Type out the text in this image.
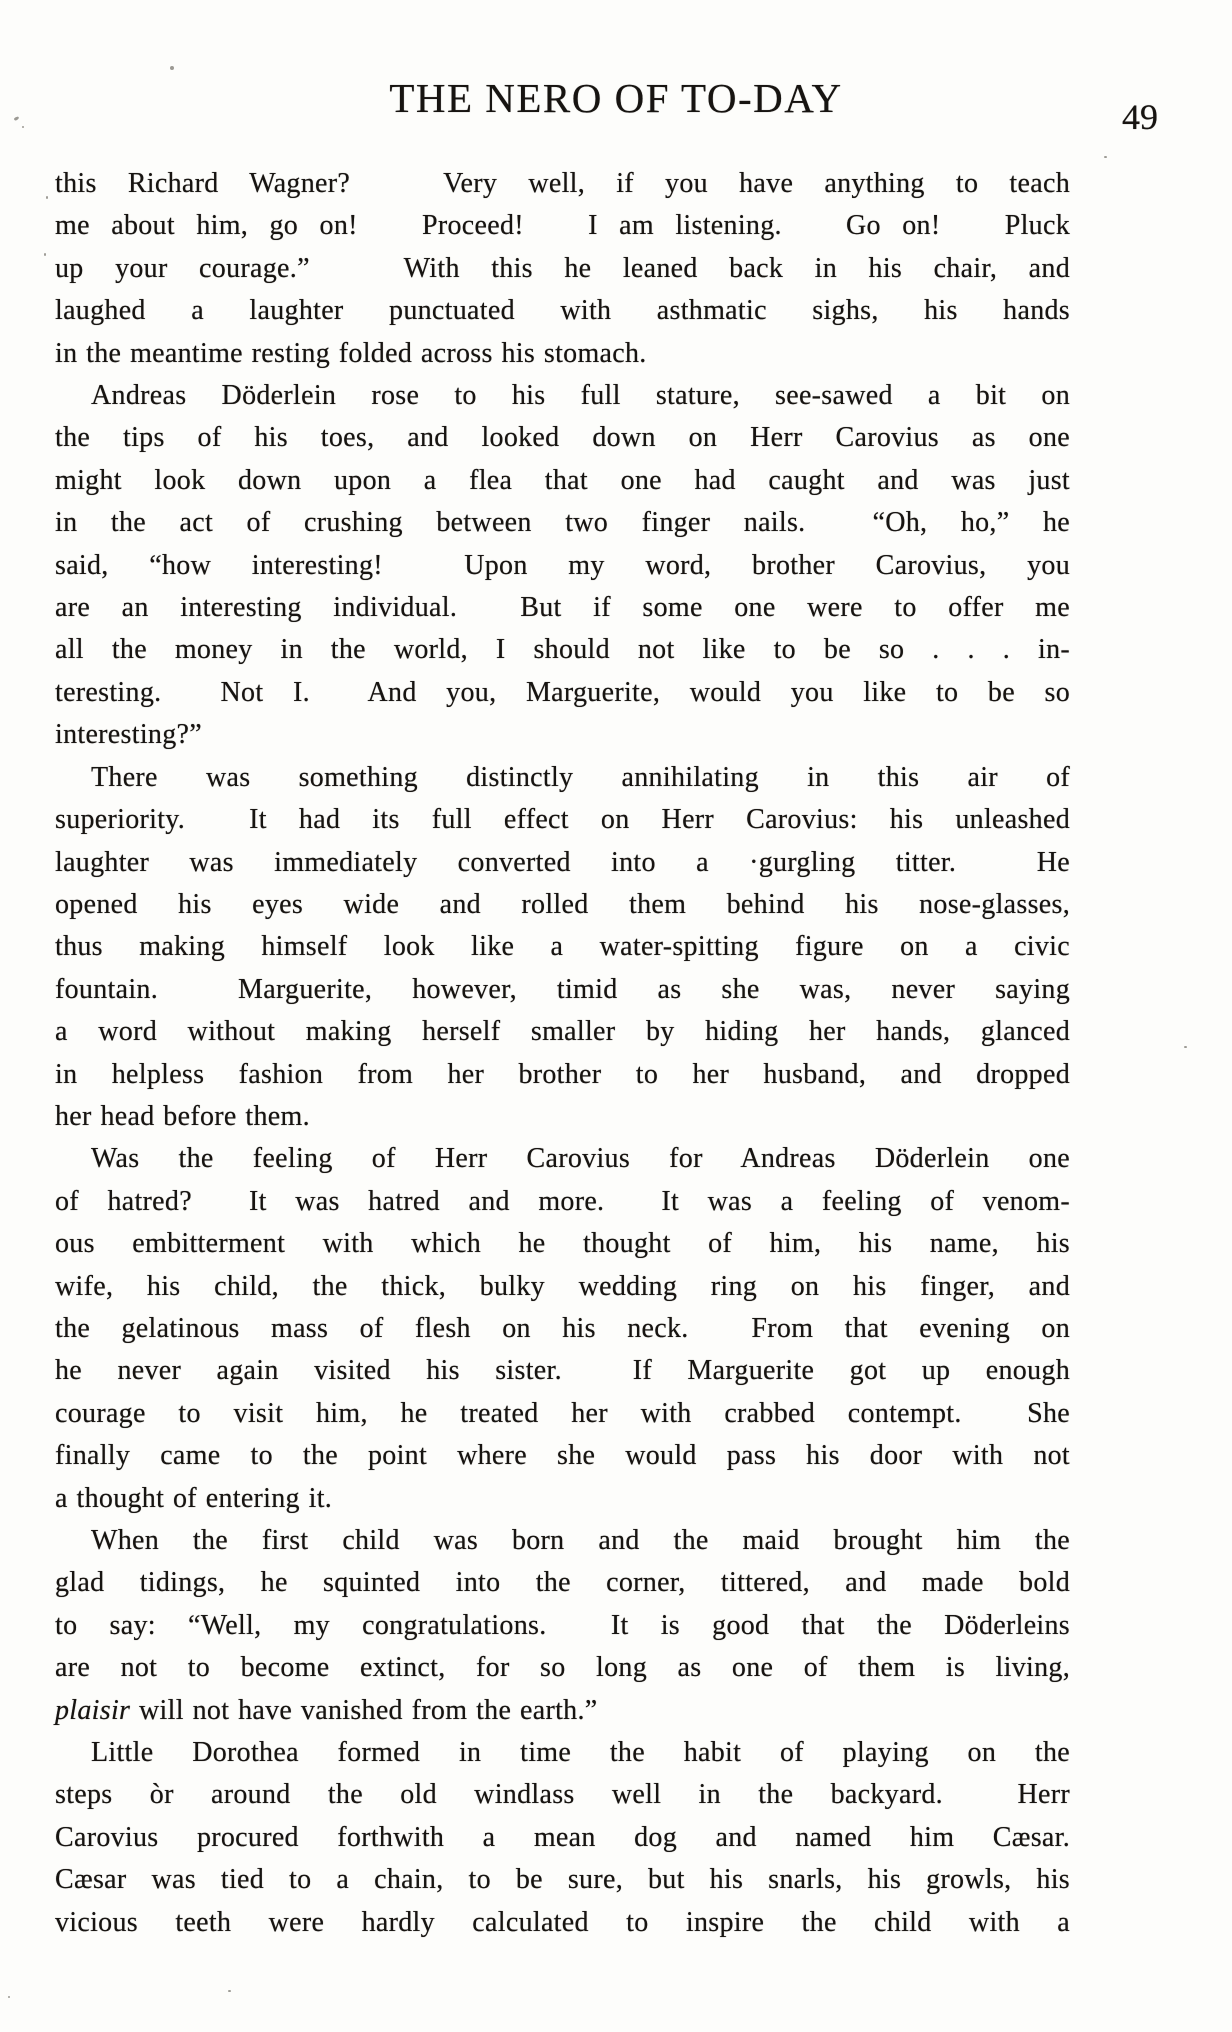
THE NERO OF TO-DAY	49
this Richard Wagner?   Very well, if you have anything to teach
me about him, go on!   Proceed!   I am listening.   Go on!   Pluck
up your courage.”   With this he leaned back in his chair, and
laughed a laughter punctuated with asthmatic sighs, his hands
in the meantime resting folded across his stomach.
Andreas Döderlein rose to his full stature, see-sawed a bit on
the tips of his toes, and looked down on Herr Carovius as one
might look down upon a flea that one had caught and was just
in the act of crushing between two finger nails.  “Oh, ho,” he
said, “how interesting!  Upon my word, brother Carovius, you
are an interesting individual.  But if some one were to offer me
all the money in the world, I should not like to be so . . . in-
teresting.  Not I.  And you, Marguerite, would you like to be so
interesting?”
There was something distinctly annihilating in this air of
superiority.  It had its full effect on Herr Carovius: his unleashed
laughter was immediately converted into a ·gurgling titter.  He
opened his eyes wide and rolled them behind his nose-glasses,
thus making himself look like a water-spitting figure on a civic
fountain.  Marguerite, however, timid as she was, never saying
a word without making herself smaller by hiding her hands, glanced
in helpless fashion from her brother to her husband, and dropped
her head before them.
Was the feeling of Herr Carovius for Andreas Döderlein one
of hatred?  It was hatred and more.  It was a feeling of venom-
ous embitterment with which he thought of him, his name, his
wife, his child, the thick, bulky wedding ring on his finger, and
the gelatinous mass of flesh on his neck.  From that evening on
he never again visited his sister.  If Marguerite got up enough
courage to visit him, he treated her with crabbed contempt.  She
finally came to the point where she would pass his door with not
a thought of entering it.
When the first child was born and the maid brought him the
glad tidings, he squinted into the corner, tittered, and made bold
to say: “Well, my congratulations.  It is good that the Döderleins
are not to become extinct, for so long as one of them is living,
plaisir will not have vanished from the earth.”
Little Dorothea formed in time the habit of playing on the
steps òr around the old windlass well in the backyard.  Herr
Carovius procured forthwith a mean dog and named him Cæsar.
Cæsar was tied to a chain, to be sure, but his snarls, his growls, his
vicious teeth were hardly calculated to inspire the child with a
